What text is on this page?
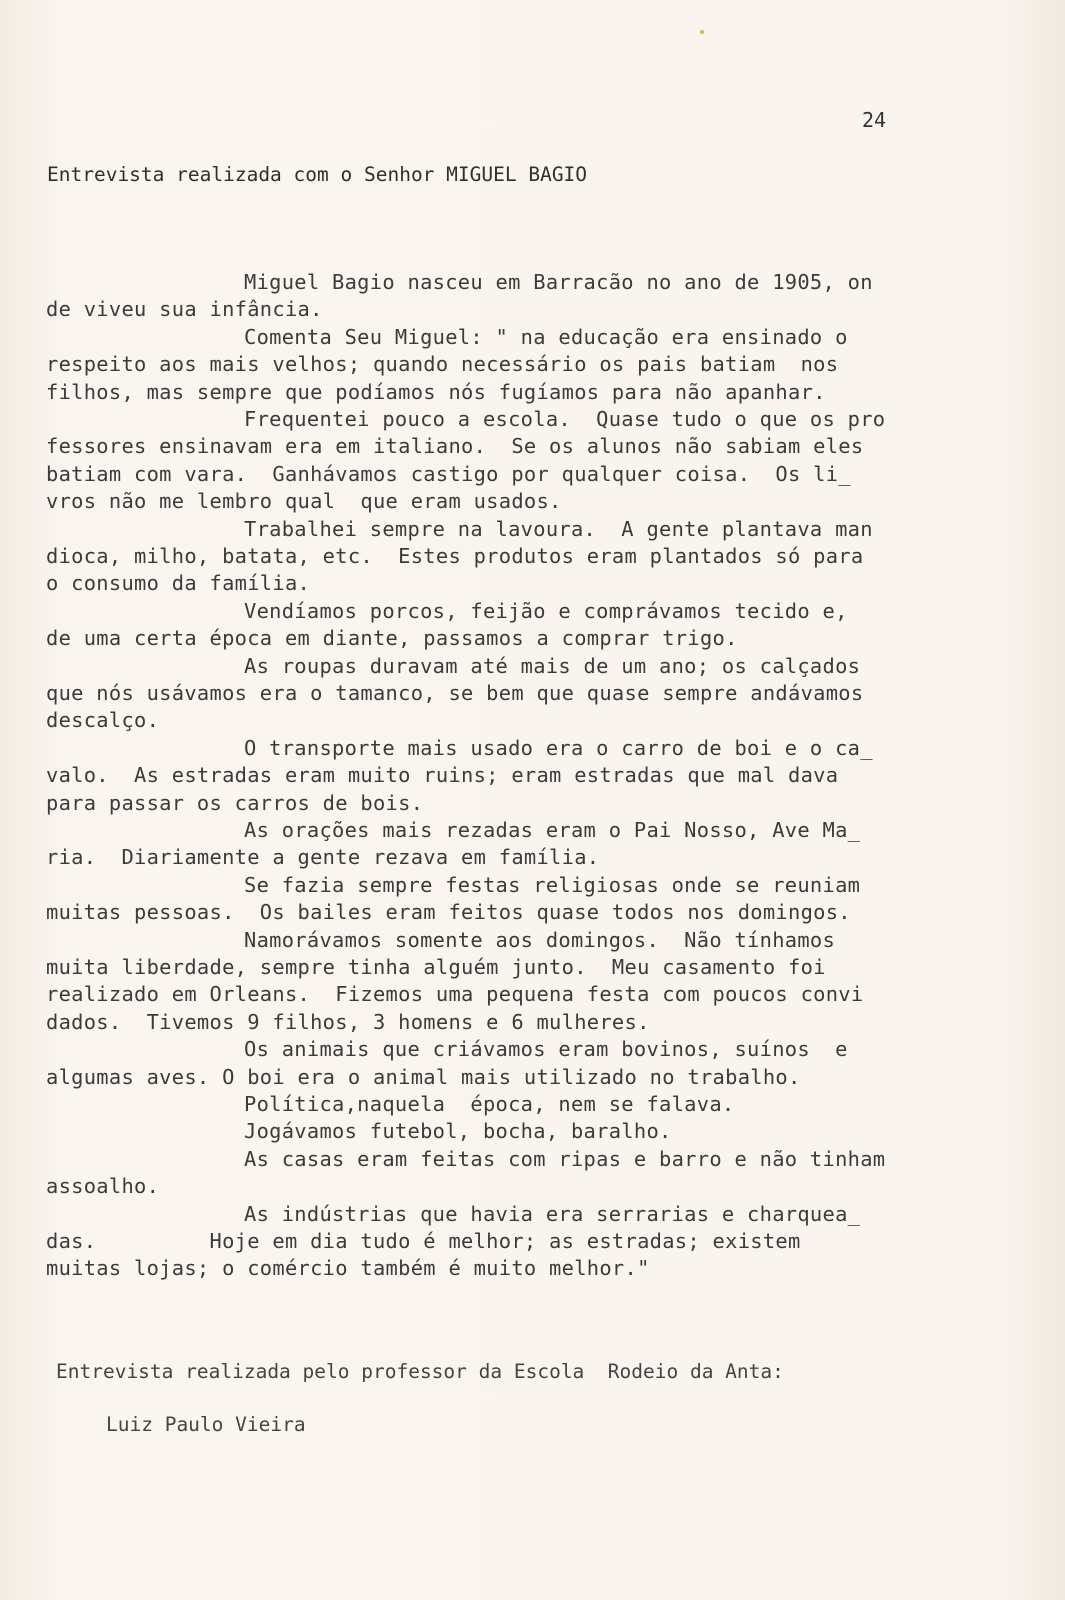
24
Entrevista realizada com o Senhor MIGUEL BAGIO
Miguel Bagio nasceu em Barracão no ano de 1905, on
de viveu sua infância.
Comenta Seu Miguel: " na educação era ensinado o
respeito aos mais velhos; quando necessário os pais batiam  nos
filhos, mas sempre que podíamos nós fugíamos para não apanhar.
Frequentei pouco a escola.  Quase tudo o que os pro
fessores ensinavam era em italiano.  Se os alunos não sabiam eles
batiam com vara.  Ganhávamos castigo por qualquer coisa.  Os li_
vros não me lembro qual  que eram usados.
Trabalhei sempre na lavoura.  A gente plantava man
dioca, milho, batata, etc.  Estes produtos eram plantados só para
o consumo da família.
Vendíamos porcos, feijão e comprávamos tecido e,
de uma certa época em diante, passamos a comprar trigo.
As roupas duravam até mais de um ano; os calçados
que nós usávamos era o tamanco, se bem que quase sempre andávamos
descalço.
O transporte mais usado era o carro de boi e o ca_
valo.  As estradas eram muito ruins; eram estradas que mal dava
para passar os carros de bois.
As orações mais rezadas eram o Pai Nosso, Ave Ma_
ria.  Diariamente a gente rezava em família.
Se fazia sempre festas religiosas onde se reuniam
muitas pessoas.  Os bailes eram feitos quase todos nos domingos.
Namorávamos somente aos domingos.  Não tínhamos
muita liberdade, sempre tinha alguém junto.  Meu casamento foi
realizado em Orleans.  Fizemos uma pequena festa com poucos convi
dados.  Tivemos 9 filhos, 3 homens e 6 mulheres.
Os animais que criávamos eram bovinos, suínos  e
algumas aves. O boi era o animal mais utilizado no trabalho.
Política,naquela  época, nem se falava.
Jogávamos futebol, bocha, baralho.
As casas eram feitas com ripas e barro e não tinham
assoalho.
As indústrias que havia era serrarias e charquea_
das.         Hoje em dia tudo é melhor; as estradas; existem
muitas lojas; o comércio também é muito melhor."
Entrevista realizada pelo professor da Escola  Rodeio da Anta:
Luiz Paulo Vieira
